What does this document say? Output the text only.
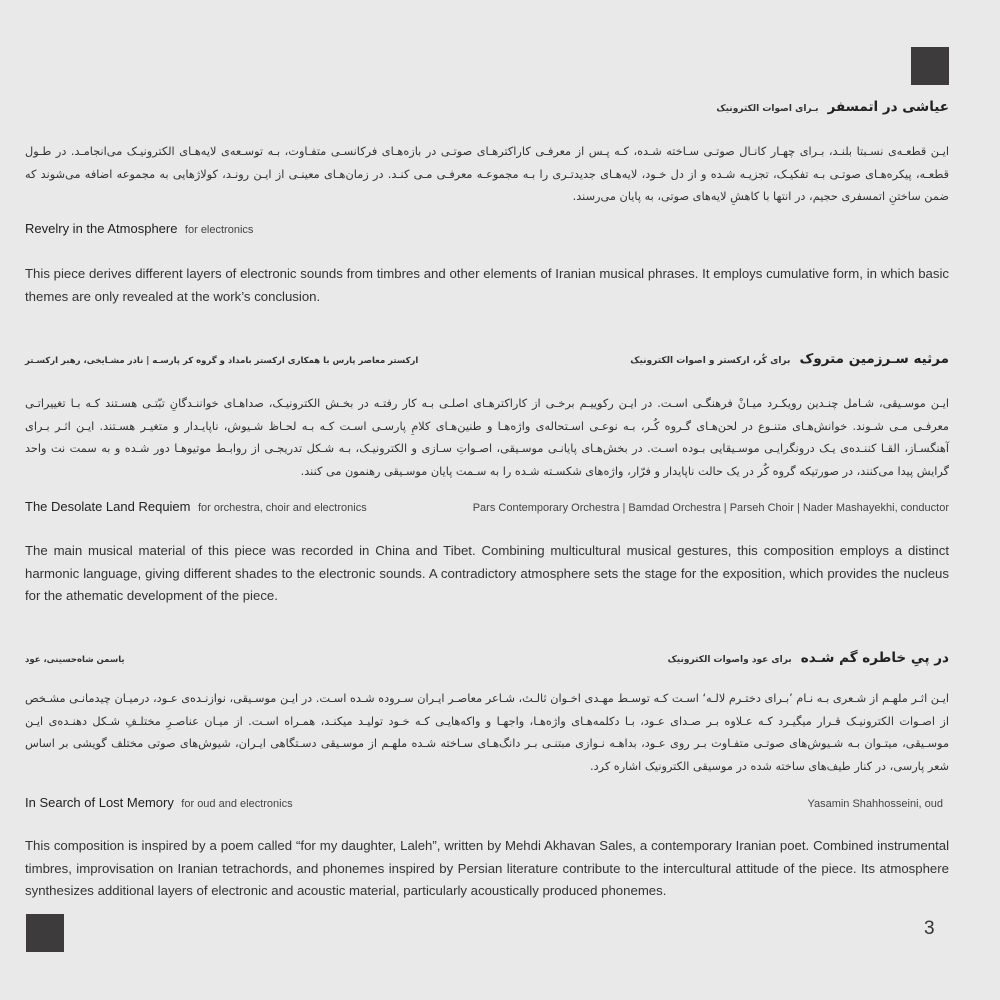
3
عیاشی در اتمسفر بـرای اصوات الکترونیک
ایـن قطعـه‌ی نسـبتا بلنـد، بـرای چهـار کانـال صوتـی سـاخته شـده، کـه پـس از معرفـی کاراکترهـای صوتـی در بازه‌هـای فرکانسـی متفـاوت، بـه توسـعه‌ی لایه‌هـای الکترونیـک می‌انجامـد. در طـول قطعـه، پیکره‌هـای صوتـی بـه تفکیـک، تجزیـه شـده و از دل خـود، لایه‌هـای جدیدتـری را بـه مجموعـه معرفـی مـی کنـد. در زمان‌هـای معینـی از ایـن رونـد، کولاژهایی به مجموعه اضافه می‌شوند که ضمن ساختنِ اتمسفری حجیم، در انتها با کاهشِ لایه‌های صوتی، به پایان می‌رسند.
Revelry in the Atmosphere for electronics
This piece derives different layers of electronic sounds from timbres and other elements of Iranian musical phrases. It employs cumulative form, in which basic themes are only revealed at the work’s conclusion.
مرثیه سـرزمین متروک برای کُر، ارکستر و اصوات الکترونیک
ارکستر معاصر پارس با همکاری ارکستر بامداد و گروه کر پارسـه | نادر مشـایخی، رهبر ارکسـتر
ایـن موسـیقی، شـامل چنـدین رویکـرد میـانْ فرهنگـی اسـت. در ایـن رکوییـم برخـی از کاراکترهـای اصلـی بـه کار رفتـه در بخـش الکترونیـک، صداهـای خواننـدگانِ تبّتـی هسـتند کـه بـا تغییراتـی معرفـی مـی شـوند. خوانش‌هـای متنـوع در لحن‌هـای گـروه کُـر، بـه نوعـی اسـتحاله‌ی واژه‌هـا و طنین‌هـای کلامِ پارسـی اسـت کـه بـه لحـاظ شـیوش، ناپایـدار و متغیـر هسـتند. ایـن اثـر بـرای آهنگسـاز، القـا کننـده‌ی یـک درونگرایـی موسـیقایی بـوده اسـت. در بخش‌هـای پایانـی موسـیقی، اصـواتِ سـازی و الکترونیـک، بـه شـکل تدریجـی از روابـط موتیوهـا دور شـده و به سمت نت واحد گرایش پیدا می‌کنند، در صورتیکه گروه کُر در یک حالت ناپایدار و فرّار، واژه‌های شکسـته شـده را به سـمت پایان موسـیقی رهنمون می کنند.
The Desolate Land Requiem for orchestra, choir and electronics	Pars Contemporary Orchestra | Bamdad Orchestra | Parseh Choir | Nader Mashayekhi, conductor
The main musical material of this piece was recorded in China and Tibet. Combining multicultural musical gestures, this composition employs a distinct harmonic language, giving different shades to the electronic sounds. A contradictory atmosphere sets the stage for the exposition, which provides the nucleus for the athematic development of the piece.
در پیِ خاطره گم شـده برای عود واصوات الکترونیک
یاسمن شاه‌حسینی، عود
ایـن اثـر ملهـم از شـعری بـه نـام ’بـرای دختـرم لالـه‘ اسـت کـه توسـط مهـدی اخـوان ثالـث، شـاعر معاصـر ایـران سـروده شـده اسـت. در ایـن موسـیقی، نوازنـده‌ی عـود، درمیـان چیدمانـی مشـخص از اصـوات الکترونیـک قـرار میگیـرد کـه عـلاوه بـر صـدای عـود، بـا دکلمه‌هـای واژه‌هـا، واجهـا و واکه‌هایـی کـه خـود تولیـد میکنـد، همـراه اسـت. از میـان عناصـرِ مختلـفِ شـکل دهنـده‌ی ایـن موسـیقی، میتـوان بـه شـیوش‌های صوتـی متفـاوت بـر روی عـود، بداهـه نـوازی مبتنـی بـر دانگ‌هـای سـاخته شـده ملهـم از موسـیقی دسـتگاهی ایـران، شیوش‌های صوتی مختلف گویشی بر اساس شعر پارسی، در کنار طیف‌های ساخته شده در موسیقی الکترونیک اشاره کرد.
In Search of Lost Memory for oud and electronics	Yasamin Shahhosseini, oud
This composition is inspired by a poem called “for my daughter, Laleh”, written by Mehdi Akhavan Sales, a contemporary Iranian poet. Combined instrumental timbres, improvisation on Iranian tetrachords, and phonemes inspired by Persian literature contribute to the intercultural attitude of the piece. Its atmosphere synthesizes additional layers of electronic and acoustic material, particularly acoustically produced phonemes.
